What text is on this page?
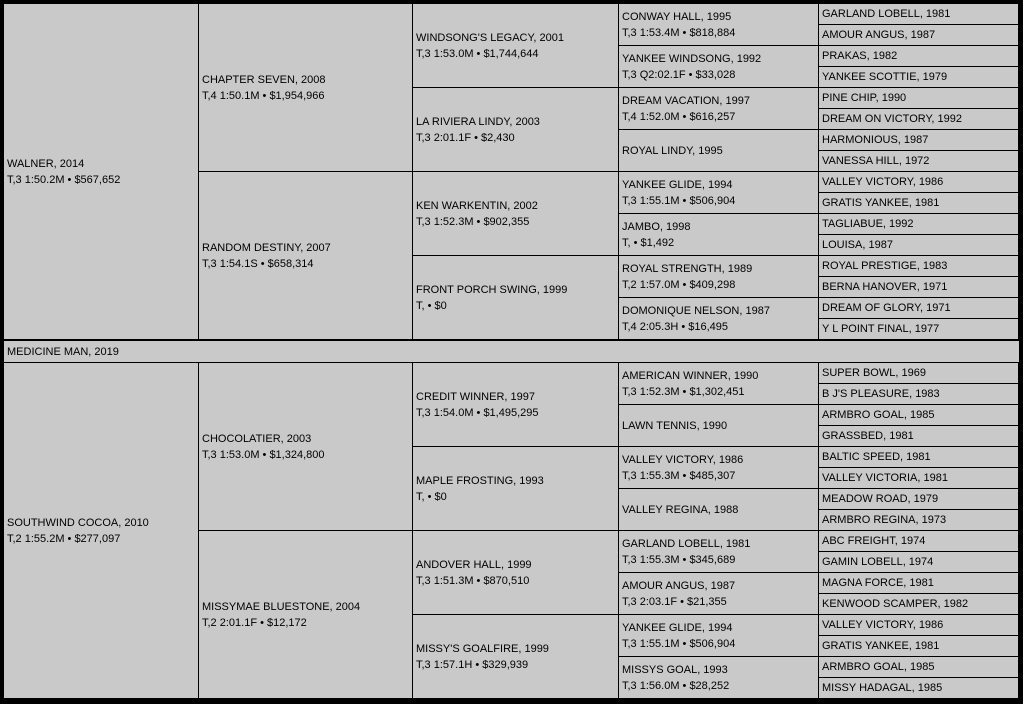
WALNER, 2014
T,3 1:50.2M • $567,652
CHAPTER SEVEN, 2008
T,4 1:50.1M • $1,954,966
RANDOM DESTINY, 2007
T,3 1:54.1S • $658,314
WINDSONG'S LEGACY, 2001
T,3 1:53.0M • $1,744,644
LA RIVIERA LINDY, 2003
T,3 2:01.1F • $2,430
KEN WARKENTIN, 2002
T,3 1:52.3M • $902,355
FRONT PORCH SWING, 1999
T, • $0
CONWAY HALL, 1995
T,3 1:53.4M • $818,884
YANKEE WINDSONG, 1992
T,3 Q2:02.1F • $33,028
DREAM VACATION, 1997
T,4 1:52.0M • $616,257
ROYAL LINDY, 1995
YANKEE GLIDE, 1994
T,3 1:55.1M • $506,904
JAMBO, 1998
T, • $1,492
ROYAL STRENGTH, 1989
T,2 1:57.0M • $409,298
DOMONIQUE NELSON, 1987
T,4 2:05.3H • $16,495
GARLAND LOBELL, 1981
AMOUR ANGUS, 1987
PRAKAS, 1982
YANKEE SCOTTIE, 1979
PINE CHIP, 1990
DREAM ON VICTORY, 1992
HARMONIOUS, 1987
VANESSA HILL, 1972
VALLEY VICTORY, 1986
GRATIS YANKEE, 1981
TAGLIABUE, 1992
LOUISA, 1987
ROYAL PRESTIGE, 1983
BERNA HANOVER, 1971
DREAM OF GLORY, 1971
Y L POINT FINAL, 1977
MEDICINE MAN, 2019
SOUTHWIND COCOA, 2010
T,2 1:55.2M • $277,097
CHOCOLATIER, 2003
T,3 1:53.0M • $1,324,800
MISSYMAE BLUESTONE, 2004
T,2 2:01.1F • $12,172
CREDIT WINNER, 1997
T,3 1:54.0M • $1,495,295
MAPLE FROSTING, 1993
T, • $0
ANDOVER HALL, 1999
T,3 1:51.3M • $870,510
MISSY'S GOALFIRE, 1999
T,3 1:57.1H • $329,939
AMERICAN WINNER, 1990
T,3 1:52.3M • $1,302,451
LAWN TENNIS, 1990
VALLEY VICTORY, 1986
T,3 1:55.3M • $485,307
VALLEY REGINA, 1988
GARLAND LOBELL, 1981
T,3 1:55.3M • $345,689
AMOUR ANGUS, 1987
T,3 2:03.1F • $21,355
YANKEE GLIDE, 1994
T,3 1:55.1M • $506,904
MISSYS GOAL, 1993
T,3 1:56.0M • $28,252
SUPER BOWL, 1969
B J'S PLEASURE, 1983
ARMBRO GOAL, 1985
GRASSBED, 1981
BALTIC SPEED, 1981
VALLEY VICTORIA, 1981
MEADOW ROAD, 1979
ARMBRO REGINA, 1973
ABC FREIGHT, 1974
GAMIN LOBELL, 1974
MAGNA FORCE, 1981
KENWOOD SCAMPER, 1982
VALLEY VICTORY, 1986
GRATIS YANKEE, 1981
ARMBRO GOAL, 1985
MISSY HADAGAL, 1985
